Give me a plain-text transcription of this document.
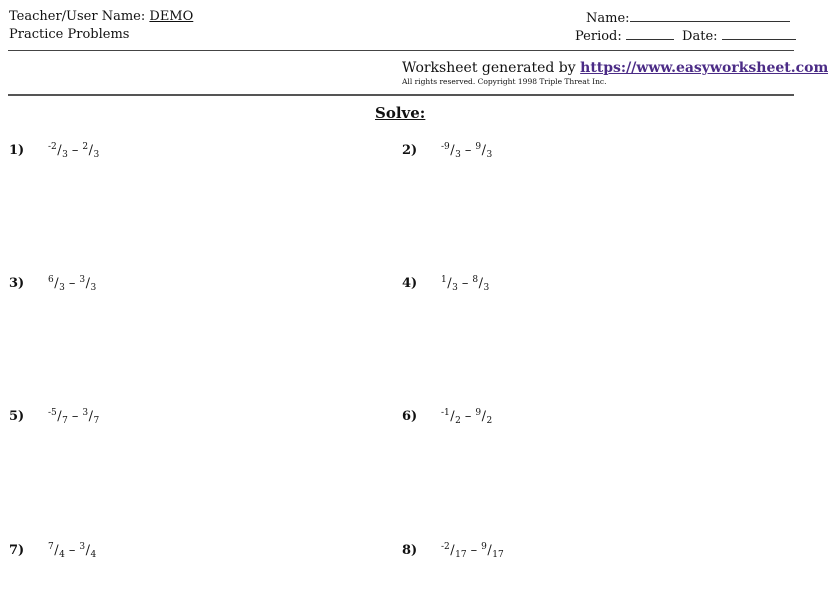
Teacher/User Name: DEMO
Practice Problems
Name:
Period:	Date:
Worksheet generated by https://www.easyworksheet.com
All rights reserved. Copyright 1998 Triple Threat Inc.
Solve:
1)	$^{-2}/_3 - ^2/_3$	2)	$^{-9}/_3 - ^9/_3$
3)	$^6/_3 - ^3/_3$	4)	$^1/_3 - ^8/_3$
5)	$^{-5}/_7 - ^3/_7$	6)	$^{-1}/_2 - ^9/_2$
7)	$^7/_4 - ^3/_4$	8)	$^{-2}/_{17} - ^9/_{17}$
